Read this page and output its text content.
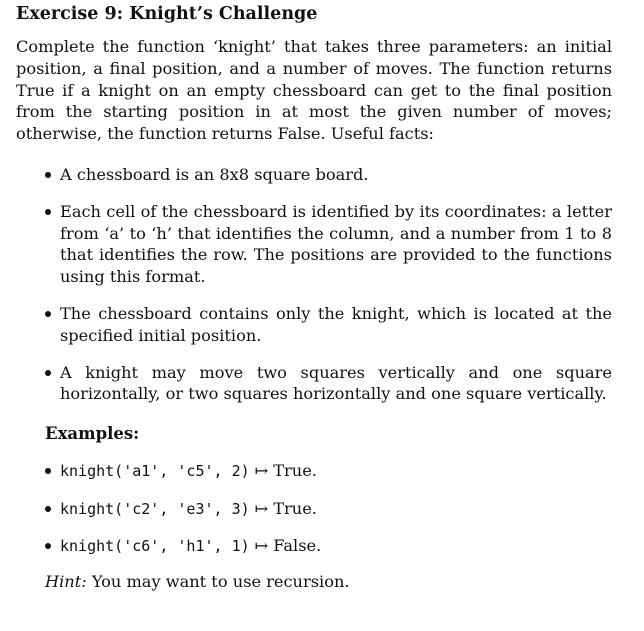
Exercise 9: Knight’s Challenge

Complete the function ‘knight’ that takes three parameters: an initial position, a final position, and a number of moves. The function returns True if a knight on an empty chessboard can get to the final position from the starting position in at most the given number of moves; otherwise, the function returns False. Useful facts:

A chessboard is an 8x8 square board.
Each cell of the chessboard is identified by its coordinates: a letter from ‘a’ to ‘h’ that identifies the column, and a number from 1 to 8 that identifies the row. The positions are provided to the functions using this format.
The chessboard contains only the knight, which is located at the specified initial position.
A knight may move two squares vertically and one square horizontally, or two squares horizontally and one square vertically.
Examples:
knight('a1', 'c5', 2) ↦ True.
knight('c2', 'e3', 3) ↦ True.
knight('c6', 'h1', 1) ↦ False.
Hint: You may want to use recursion.
